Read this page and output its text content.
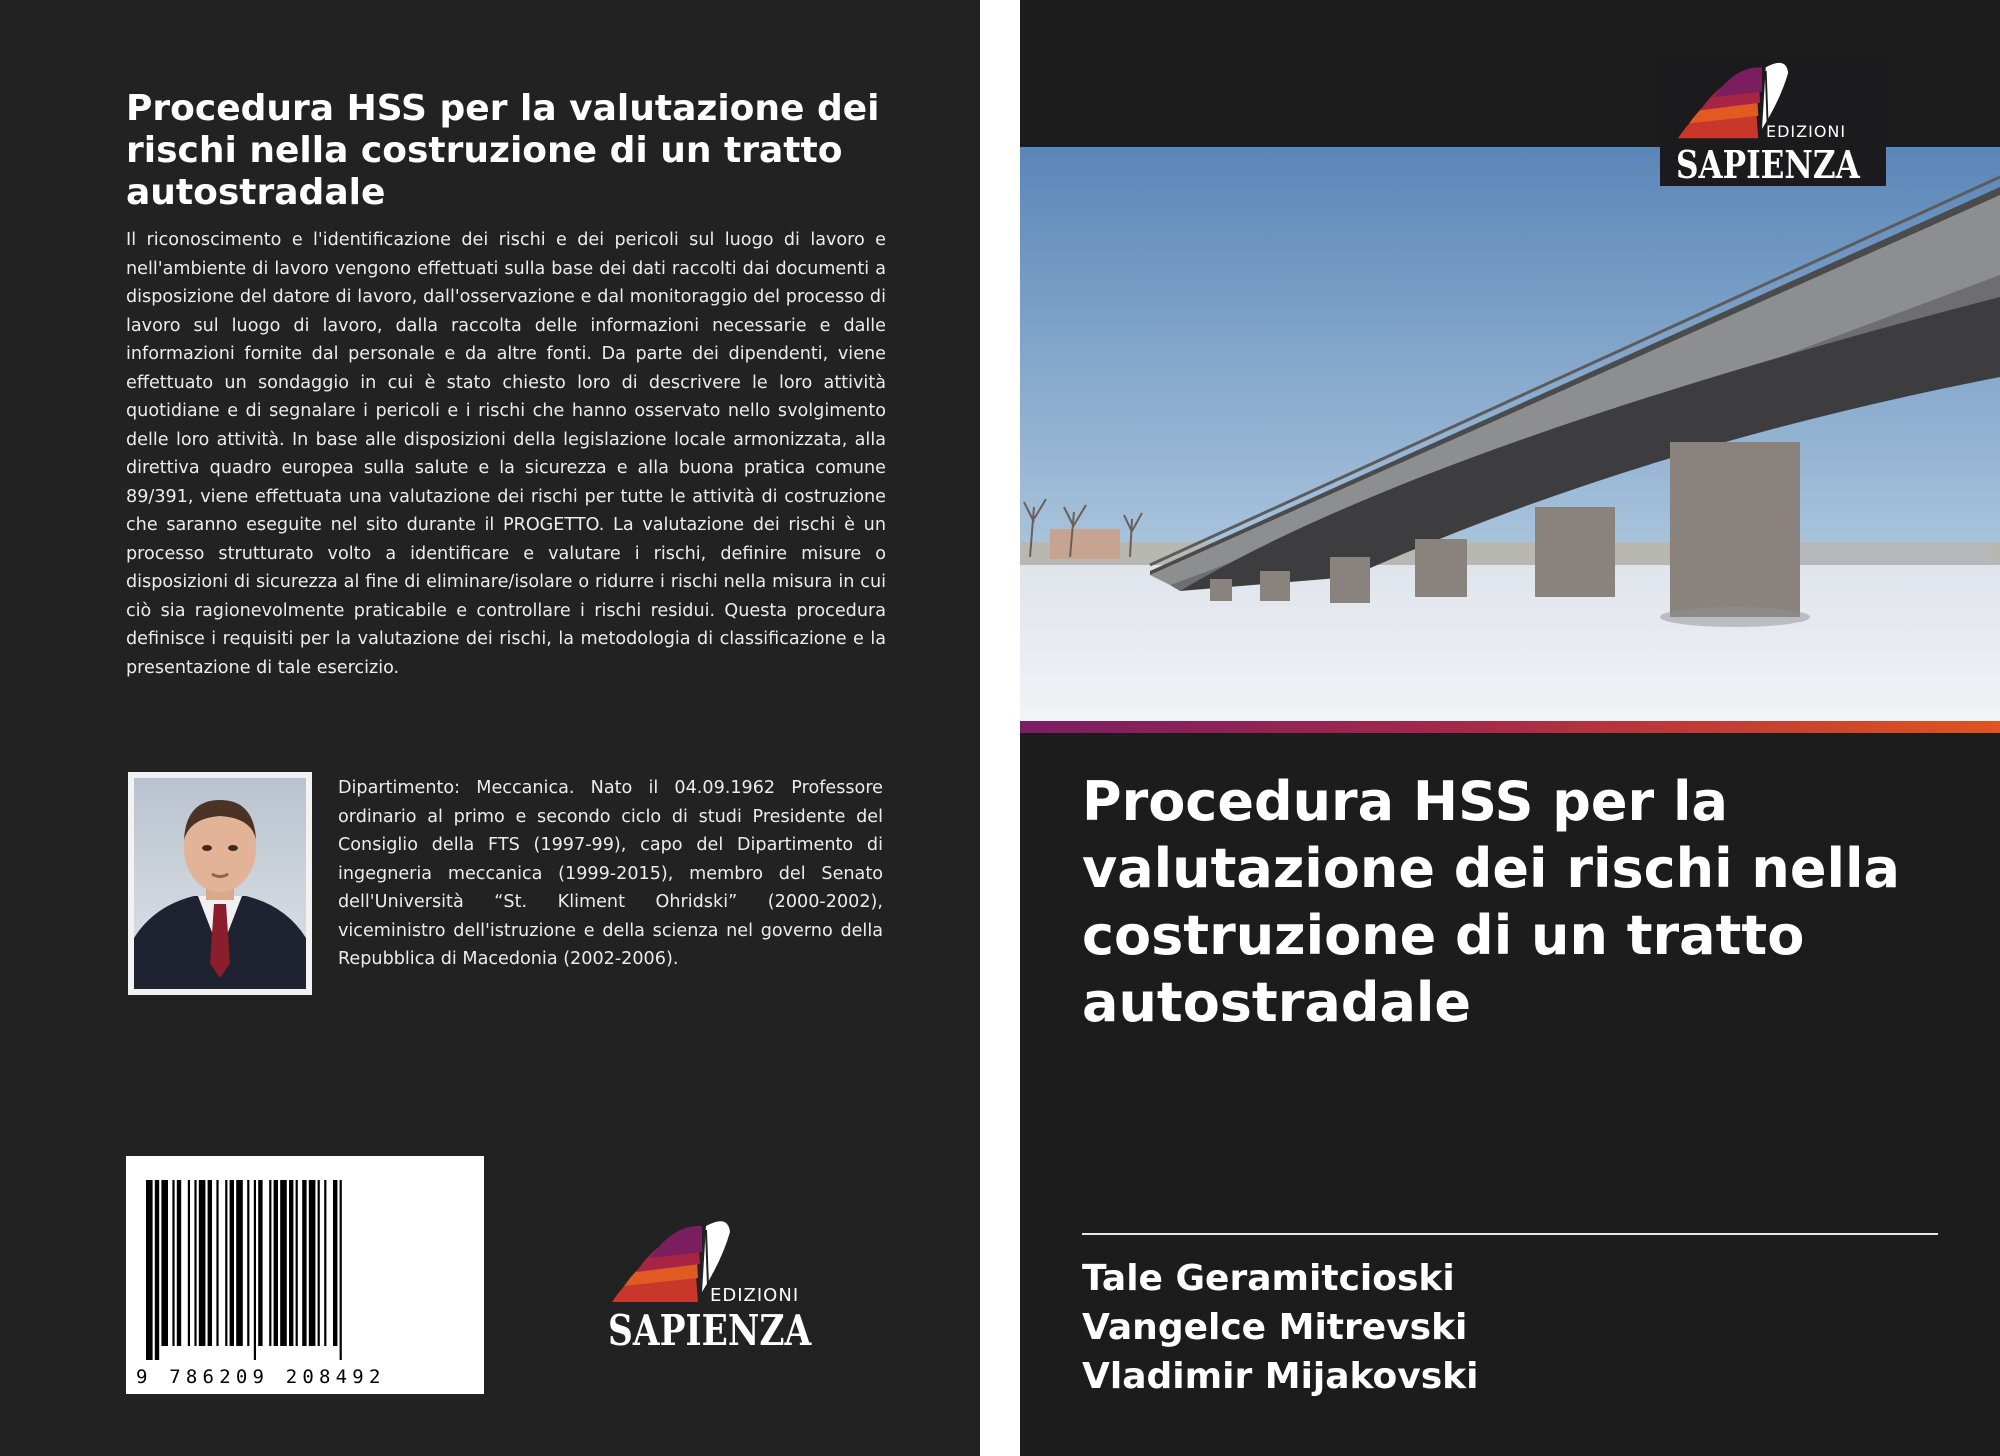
Procedura HSS per la valutazione dei rischi nella costruzione di un tratto autostradale

Il riconoscimento e l'identificazione dei rischi e dei pericoli sul luogo di lavoro e nell'ambiente di lavoro vengono effettuati sulla base dei dati raccolti dai documenti a disposizione del datore di lavoro, dall'osservazione e dal monitoraggio del processo di lavoro sul luogo di lavoro, dalla raccolta delle informazioni necessarie e dalle informazioni fornite dal personale e da altre fonti. Da parte dei dipendenti, viene effettuato un sondaggio in cui è stato chiesto loro di descrivere le loro attività quotidiane e di segnalare i pericoli e i rischi che hanno osservato nello svolgimento delle loro attività. In base alle disposizioni della legislazione locale armonizzata, alla direttiva quadro europea sulla salute e la sicurezza e alla buona pratica comune 89/391, viene effettuata una valutazione dei rischi per tutte le attività di costruzione che saranno eseguite nel sito durante il PROGETTO. La valutazione dei rischi è un processo strutturato volto a identificare e valutare i rischi, definire misure o disposizioni di sicurezza al fine di eliminare/isolare o ridurre i rischi nella misura in cui ciò sia ragionevolmente praticabile e controllare i rischi residui. Questa procedura definisce i requisiti per la valutazione dei rischi, la metodologia di classificazione e la presentazione di tale esercizio.

Dipartimento: Meccanica. Nato il 04.09.1962 Professore ordinario al primo e secondo ciclo di studi Presidente del Consiglio della FTS (1997-99), capo del Dipartimento di ingegneria meccanica (1999-2015), membro del Senato dell'Università “St. Kliment Ohridski” (2000-2002), viceministro dell'istruzione e della scienza nel governo della Repubblica di Macedonia (2002-2006).

9 786209 208492
EDIZIONI
SAPIENZA
EDIZIONI
SAPIENZA
Procedura HSS per la valutazione dei rischi nella costruzione di un tratto autostradale
Tale Geramitcioski
Vangelce Mitrevski
Vladimir Mijakovski
